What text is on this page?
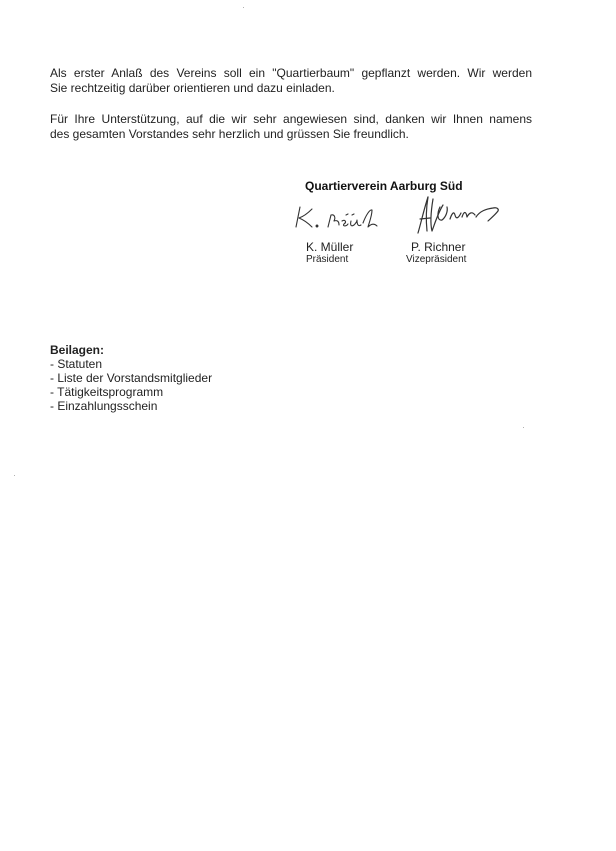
Als erster Anlaß des Vereins soll ein "Quartierbaum" gepflanzt werden. Wir werden
Sie rechtzeitig darüber orientieren und dazu einladen.

Für Ihre Unterstützung, auf die wir sehr angewiesen sind, danken wir Ihnen namens
des gesamten Vorstandes sehr herzlich und grüssen Sie freundlich.

Quartierverein Aarburg Süd
K. Müller
Präsident
P. Richner
Vizepräsident
Beilagen:
- Statuten
- Liste der Vorstandsmitglieder
- Tätigkeitsprogramm
- Einzahlungsschein
